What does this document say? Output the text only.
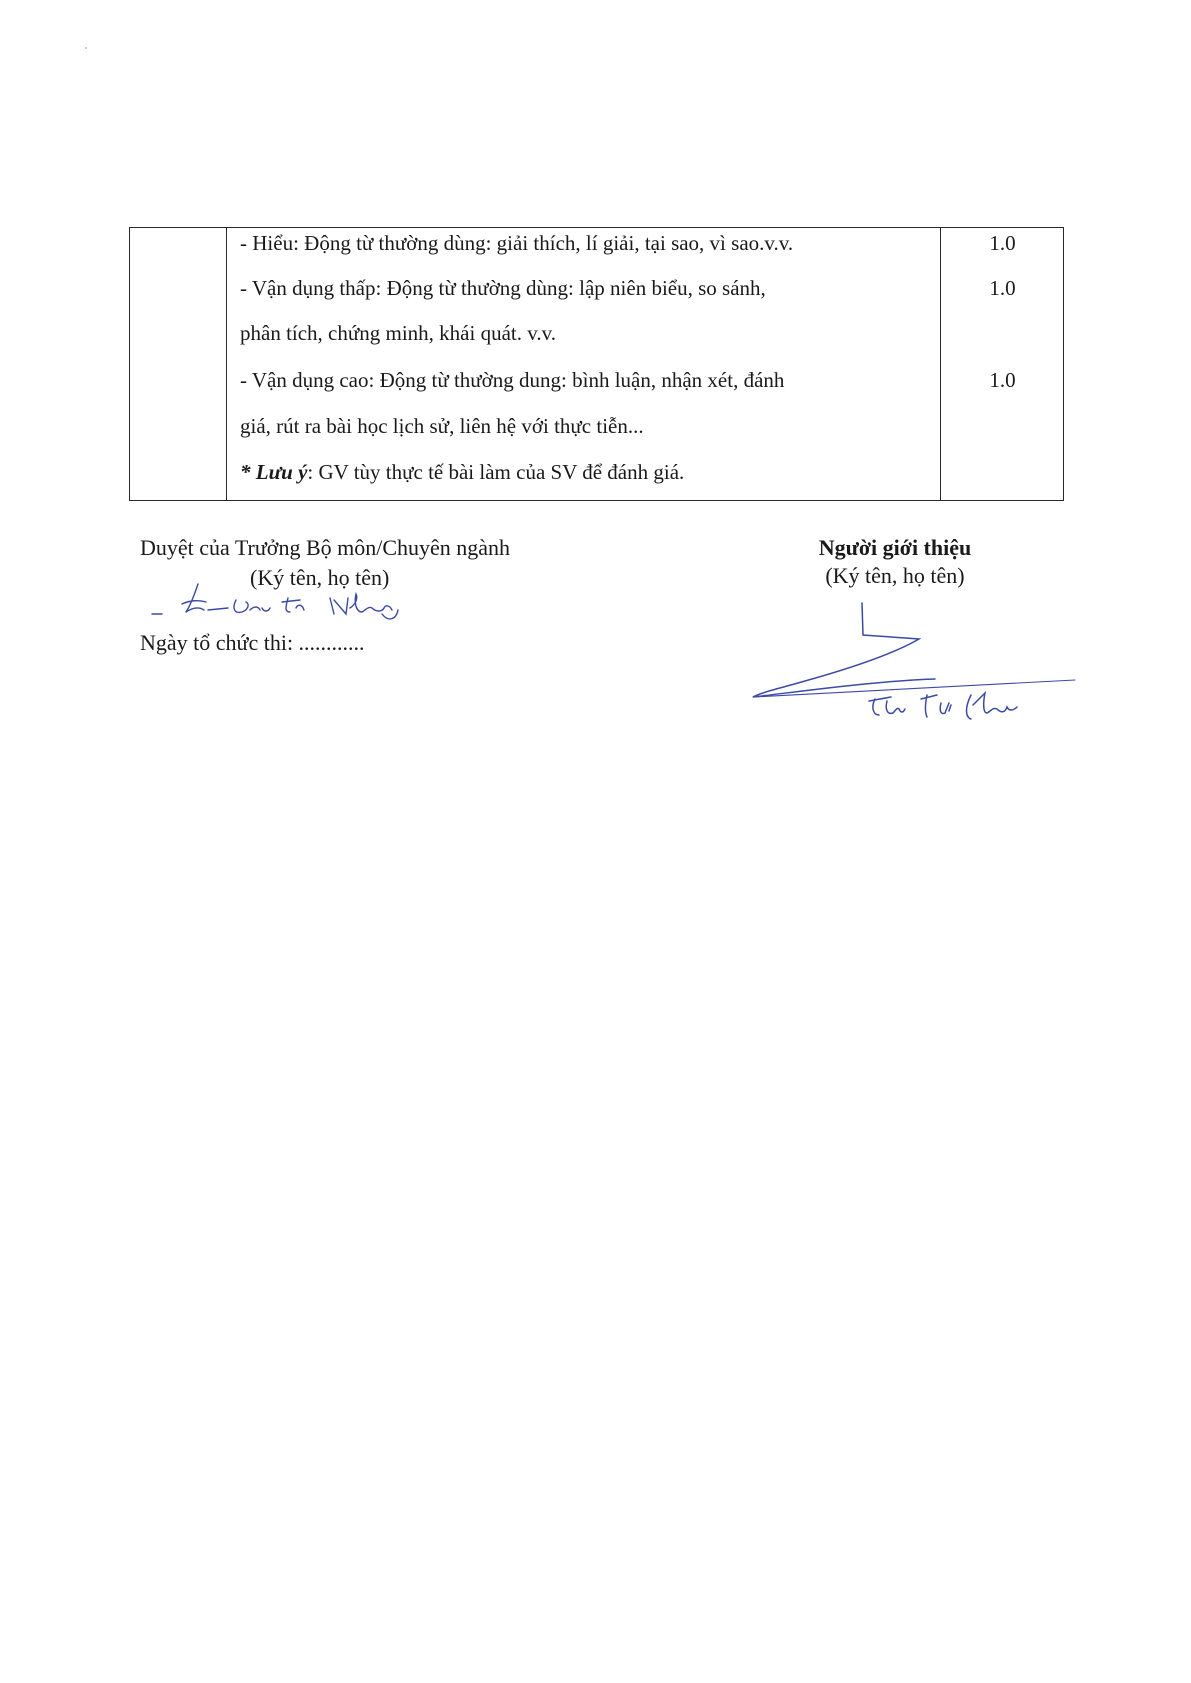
- Hiểu: Động từ thường dùng: giải thích, lí giải, tại sao, vì sao.v.v.	1.0
- Vận dụng thấp: Động từ thường dùng: lập niên biểu, so sánh,	1.0
phân tích, chứng minh, khái quát. v.v.
- Vận dụng cao: Động từ thường dung: bình luận, nhận xét, đánh	1.0
giá, rút ra bài học lịch sử, liên hệ với thực tiễn...
* Lưu ý: GV tùy thực tế bài làm của SV để đánh giá.
Duyệt của Trưởng Bộ môn/Chuyên ngành
(Ký tên, họ tên)
Ngày tổ chức thi: ............
Người giới thiệu
(Ký tên, họ tên)
